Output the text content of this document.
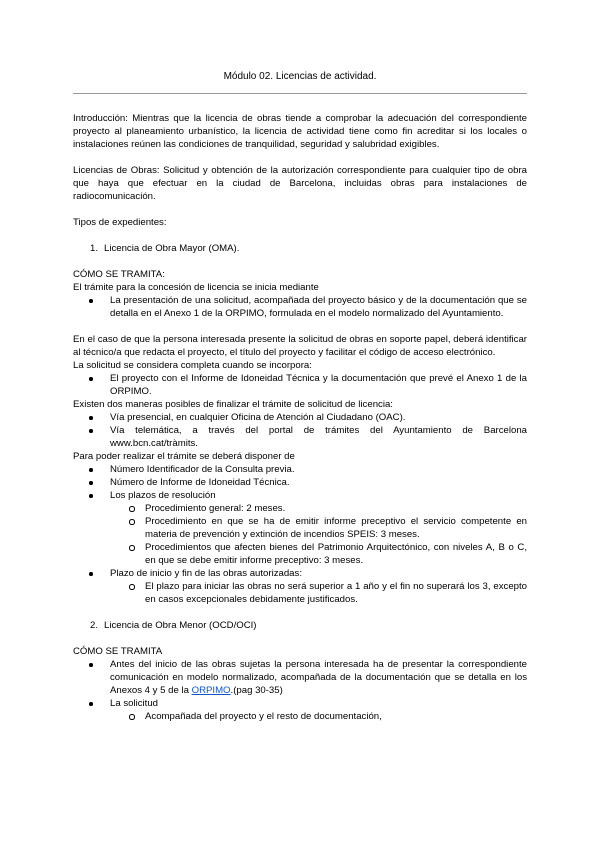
Módulo 02. Licencias de actividad.

Introducción: Mientras que la licencia de obras tiende a comprobar la adecuación del correspondiente proyecto al planeamiento urbanístico, la licencia de actividad tiene como fin acreditar si los locales o instalaciones reúnen las condiciones de tranquilidad, seguridad y salubridad exigibles.

Licencias de Obras: Solicitud y obtención de la autorización correspondiente para cualquier tipo de obra que haya que efectuar en la ciudad de Barcelona, incluidas obras para instalaciones de radiocomunicación.

Tipos de expedientes:

1. Licencia de Obra Mayor (OMA).

CÓMO SE TRAMITA:

El trámite para la concesión de licencia se inicia mediante

La presentación de una solicitud, acompañada del proyecto básico y de la documentación que se detalla en el Anexo 1 de la ORPIMO, formulada en el modelo normalizado del Ayuntamiento.

En el caso de que la persona interesada presente la solicitud de obras en soporte papel, deberá identificar al técnico/a que redacta el proyecto, el título del proyecto y facilitar el código de acceso electrónico.

La solicitud se considera completa cuando se incorpora:

El proyecto con el Informe de Idoneidad Técnica y la documentación que prevé el Anexo 1 de la ORPIMO.

Existen dos maneras posibles de finalizar el trámite de solicitud de licencia:

Vía presencial, en cualquier Oficina de Atención al Ciudadano (OAC).
Vía telemática, a través del portal de trámites del Ayuntamiento de Barcelona www.bcn.cat/tràmits.

Para poder realizar el trámite se deberá disponer de

Número Identificador de la Consulta previa.
Número de Informe de Idoneidad Técnica.
Los plazos de resolución
Procedimiento general: 2 meses.
Procedimiento en que se ha de emitir informe preceptivo el servicio competente en materia de prevención y extinción de incendios SPEIS: 3 meses.
Procedimientos que afecten bienes del Patrimonio Arquitectónico, con niveles A, B o C, en que se debe emitir informe preceptivo: 3 meses.
Plazo de inicio y fin de las obras autorizadas:
El plazo para iniciar las obras no será superior a 1 año y el fin no superará los 3, excepto en casos excepcionales debidamente justificados.

2. Licencia de Obra Menor (OCD/OCI)

CÓMO SE TRAMITA

Antes del inicio de las obras sujetas la persona interesada ha de presentar la correspondiente comunicación en modelo normalizado, acompañada de la documentación que se detalla en los Anexos 4 y 5 de la ORPIMO.(pag 30-35)
La solicitud
Acompañada del proyecto y el resto de documentación,
